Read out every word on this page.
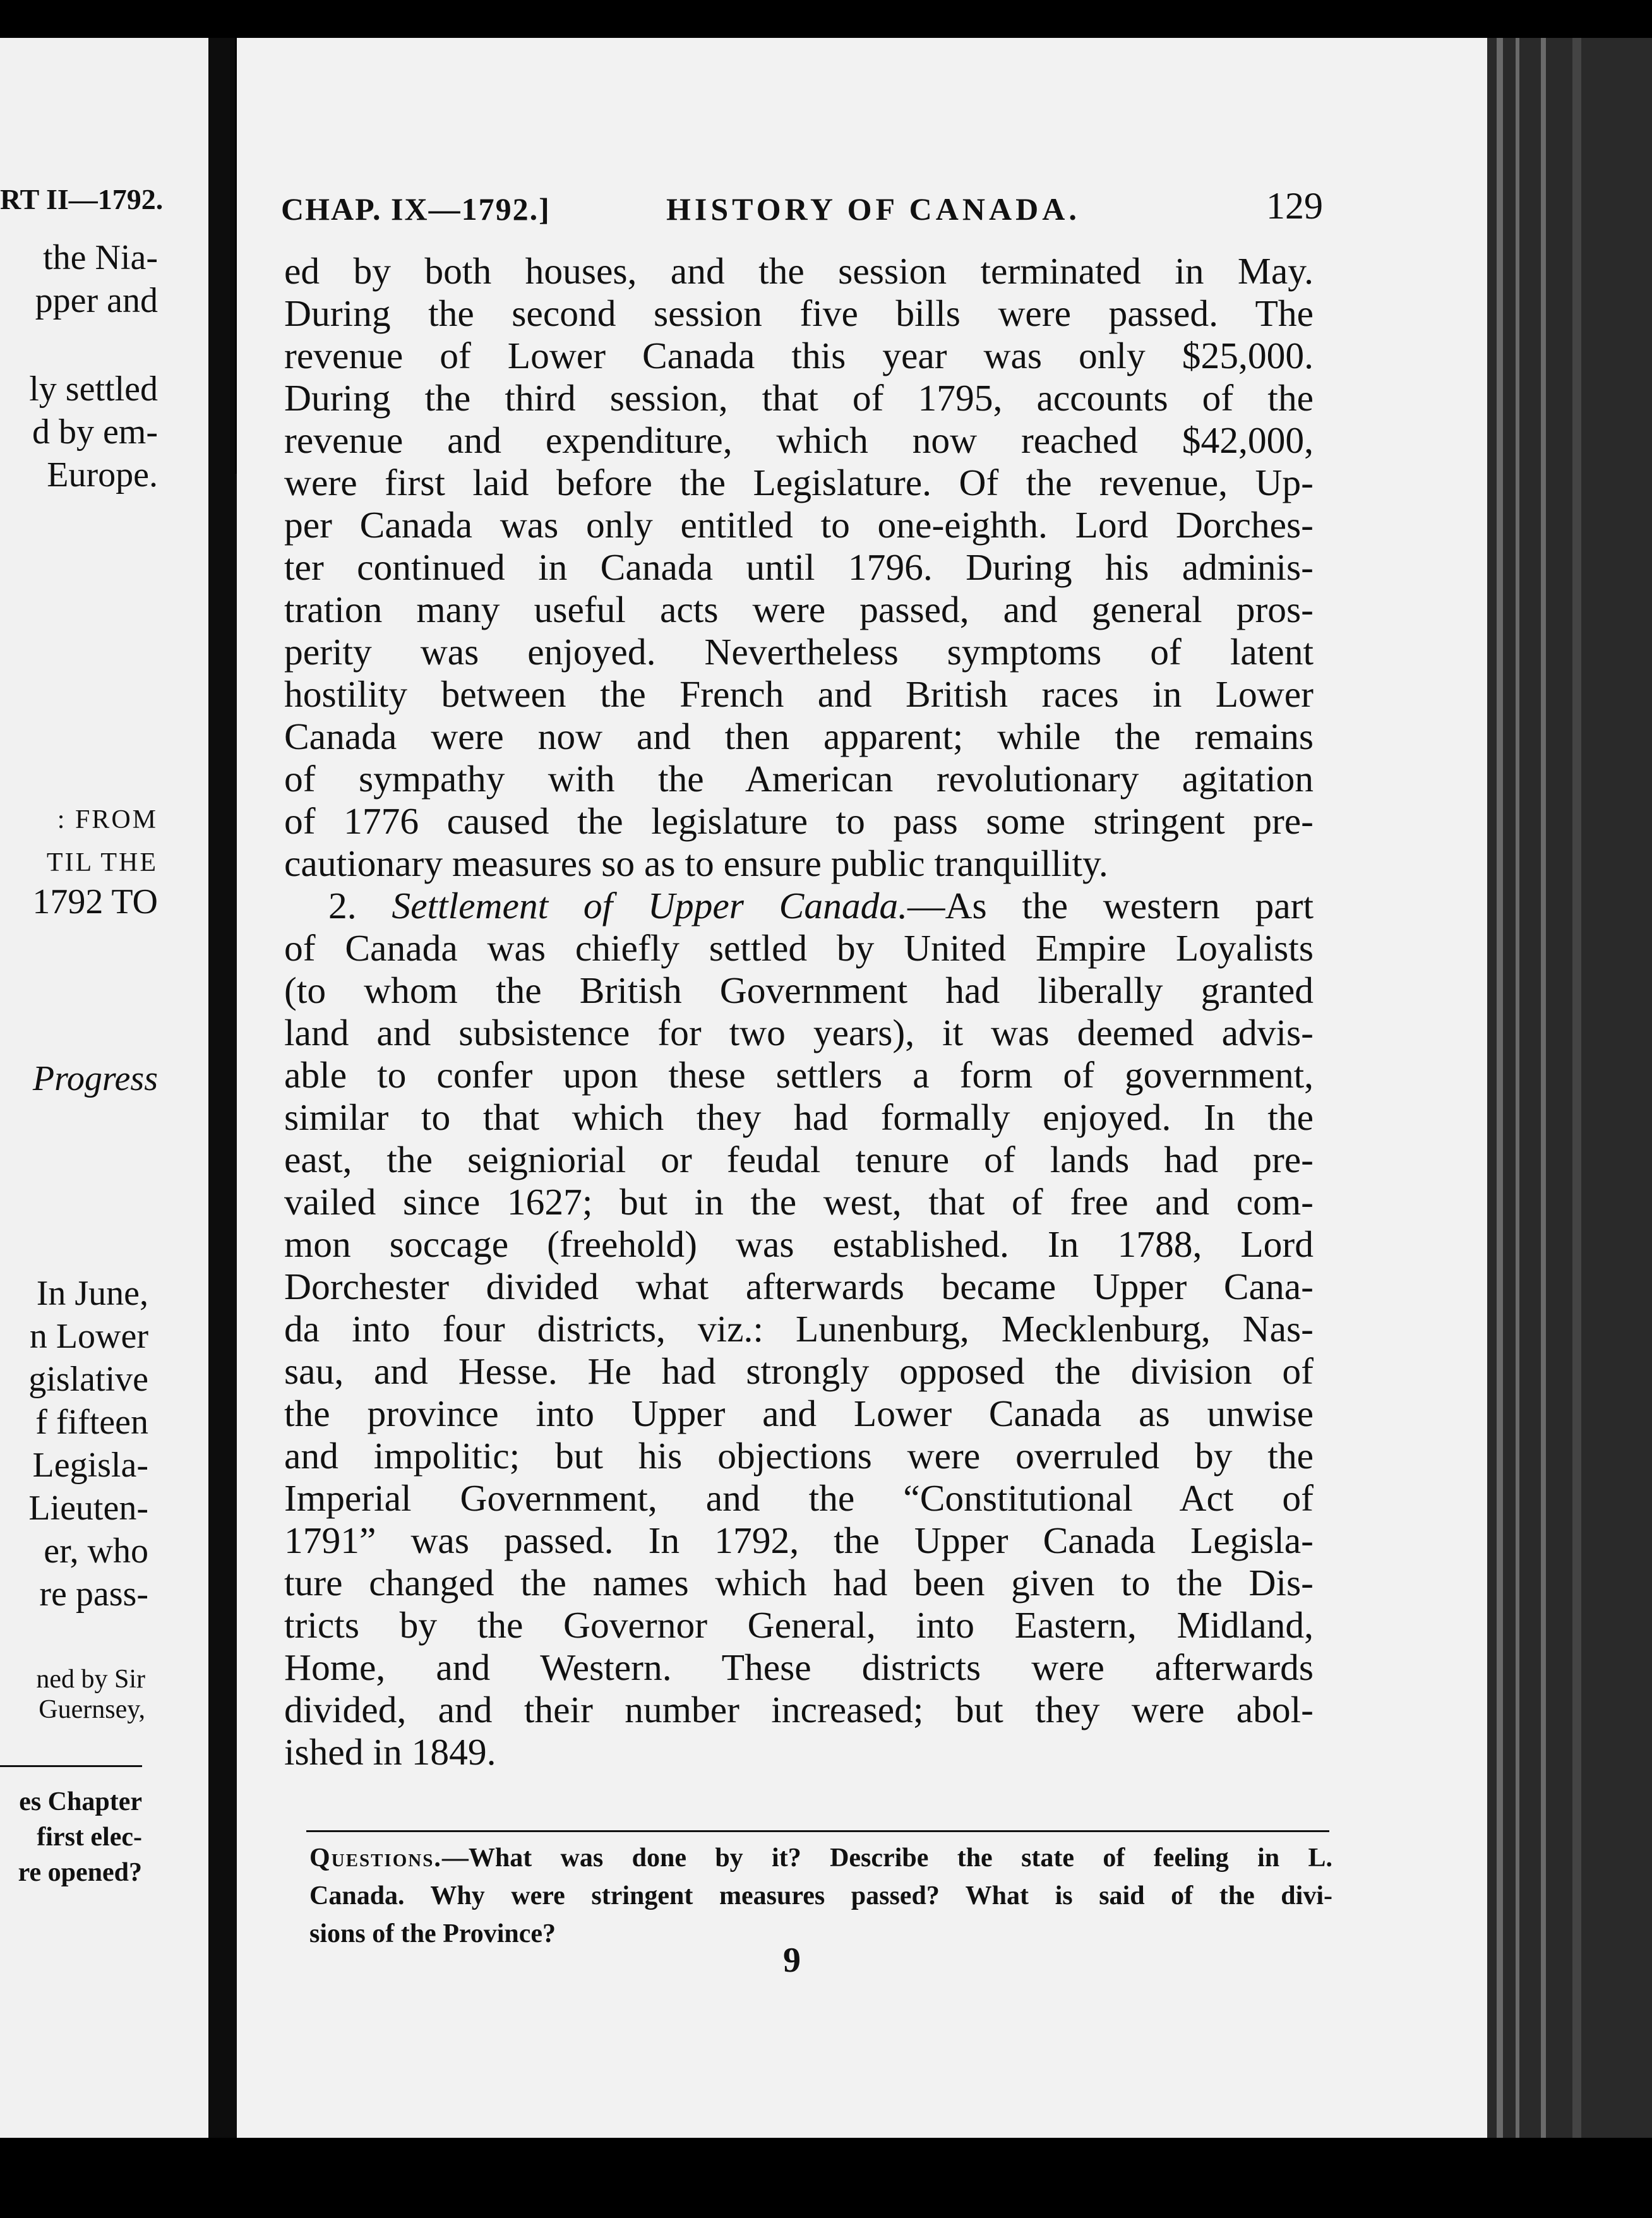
RT II—1792.
the Nia-
pper and
ly settled
d by em-
Europe.
: FROM
TIL THE
1792 TO
Progress
In June,
n Lower
gislative
f fifteen
Legisla-
Lieuten-
er, who
re pass-
ned by Sir
Guernsey,
es Chapter
first elec-
re opened?
CHAP. IX—1792.]	HISTORY OF CANADA.	129
ed by both houses, and the session terminated in May.
During the second session five bills were passed. The
revenue of Lower Canada this year was only $25,000.
During the third session, that of 1795, accounts of the
revenue and expenditure, which now reached $42,000,
were first laid before the Legislature. Of the revenue, Up-
per Canada was only entitled to one-eighth. Lord Dorches-
ter continued in Canada until 1796. During his adminis-
tration many useful acts were passed, and general pros-
perity was enjoyed. Nevertheless symptoms of latent
hostility between the French and British races in Lower
Canada were now and then apparent; while the remains
of sympathy with the American revolutionary agitation
of 1776 caused the legislature to pass some stringent pre-
cautionary measures so as to ensure public tranquillity.
2. Settlement of Upper Canada.—As the western part
of Canada was chiefly settled by United Empire Loyalists
(to whom the British Government had liberally granted
land and subsistence for two years), it was deemed advis-
able to confer upon these settlers a form of government,
similar to that which they had formally enjoyed. In the
east, the seigniorial or feudal tenure of lands had pre-
vailed since 1627; but in the west, that of free and com-
mon soccage (freehold) was established. In 1788, Lord
Dorchester divided what afterwards became Upper Cana-
da into four districts, viz.: Lunenburg, Mecklenburg, Nas-
sau, and Hesse. He had strongly opposed the division of
the province into Upper and Lower Canada as unwise
and impolitic; but his objections were overruled by the
Imperial Government, and the “Constitutional Act of
1791” was passed. In 1792, the Upper Canada Legisla-
ture changed the names which had been given to the Dis-
tricts by the Governor General, into Eastern, Midland,
Home, and Western. These districts were afterwards
divided, and their number increased; but they were abol-
ished in 1849.
Questions.—What was done by it? Describe the state of feeling in L.
Canada. Why were stringent measures passed? What is said of the divi-
sions of the Province?
9
